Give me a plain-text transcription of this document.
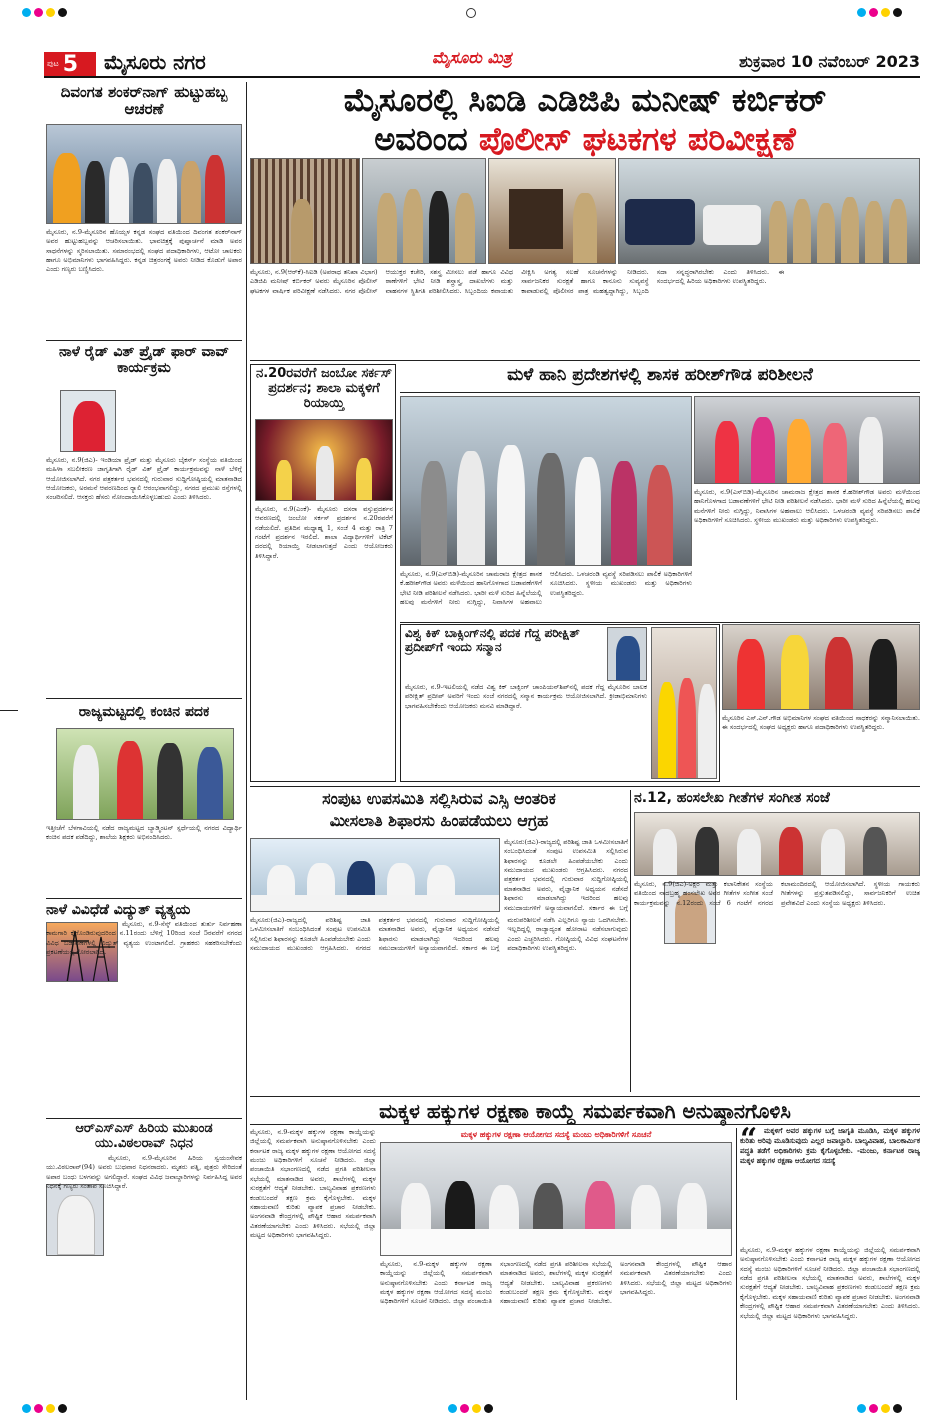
ಪುಟ 5 ಮೈಸೂರು ನಗರ	ಮೈಸೂರು ಮಿತ್ರ	ಶುಕ್ರವಾರ 10 ನವೆಂಬರ್ 2023
ದಿವಂಗತ ಶಂಕರ್‌ನಾಗ್ ಹುಟ್ಟುಹಬ್ಬ ಆಚರಣೆ
ಮೈಸೂರು, ನ.9-ಮೈಸೂರಿನ ಹೊಯ್ಸಳ ಕನ್ನಡ ಸಂಘದ ವತಿಯಿಂದ ದಿವಂಗತ ಶಂಕರ್‌ನಾಗ್ ಅವರ ಹುಟ್ಟುಹಬ್ಬವನ್ನು ಆಚರಿಸಲಾಯಿತು. ಭಾವಚಿತ್ರಕ್ಕೆ ಪುಷ್ಪಾರ್ಚನೆ ಮಾಡಿ ಅವರ ಸಾಧನೆಗಳನ್ನು ಸ್ಮರಿಸಲಾಯಿತು. ಸಮಾರಂಭದಲ್ಲಿ ಸಂಘದ ಪದಾಧಿಕಾರಿಗಳು, ಆಟೋ ಚಾಲಕರು ಹಾಗೂ ಅಭಿಮಾನಿಗಳು ಭಾಗವಹಿಸಿದ್ದರು. ಕನ್ನಡ ಚಿತ್ರರಂಗಕ್ಕೆ ಅವರು ನೀಡಿದ ಕೊಡುಗೆ ಅಪಾರ ಎಂದು ಗಣ್ಯರು ಬಣ್ಣಿಸಿದರು.
ನಾಳೆ ರೈಡ್ ವಿತ್ ಪ್ರೈಡ್ ಫಾರ್ ವಾವ್ ಕಾರ್ಯಕ್ರಮ
ಮೈಸೂರು, ನ.9(ಜಿಎ)- ಇಂಡಿಯಾ ಪ್ರೈಡ್ ಮತ್ತು ಮೈಸೂರು ಬೈಕರ್ಸ್ ಸಂಸ್ಥೆಯ ವತಿಯಿಂದ ಮಹಿಳಾ ಸಬಲೀಕರಣ ಜಾಗೃತಿಗಾಗಿ ರೈಡ್ ವಿತ್ ಪ್ರೈಡ್ ಕಾರ್ಯಕ್ರಮವನ್ನು ನಾಳೆ ಬೆಳಿಗ್ಗೆ ಆಯೋಜಿಸಲಾಗಿದೆ. ನಗರ ಪತ್ರಕರ್ತರ ಭವನದಲ್ಲಿ ಗುರುವಾರ ಸುದ್ದಿಗೋಷ್ಠಿಯಲ್ಲಿ ಮಾತನಾಡಿದ ಆಯೋಜಕರು, ಅರಮನೆ ಆವರಣದಿಂದ ರ‍್ಯಾಲಿ ಆರಂಭವಾಗಲಿದ್ದು, ನಗರದ ಪ್ರಮುಖ ರಸ್ತೆಗಳಲ್ಲಿ ಸಂಚರಿಸಲಿದೆ. ಆಸಕ್ತರು ಹೆಸರು ನೋಂದಾಯಿಸಿಕೊಳ್ಳಬಹುದು ಎಂದು ತಿಳಿಸಿದರು.
ರಾಜ್ಯಮಟ್ಟದಲ್ಲಿ ಕಂಚಿನ ಪದಕ
ಇತ್ತೀಚೆಗೆ ಬೆಳಗಾವಿಯಲ್ಲಿ ನಡೆದ ರಾಜ್ಯಮಟ್ಟದ ಬ್ಯಾಡ್ಮಿಂಟನ್ ಸ್ಪರ್ಧೆಯಲ್ಲಿ ನಗರದ ವಿದ್ಯಾರ್ಥಿ ಕಂಚಿನ ಪದಕ ಪಡೆದಿದ್ದು, ಶಾಲೆಯ ಶಿಕ್ಷಕರು ಅಭಿನಂದಿಸಿದರು.
ನಾಳೆ ವಿವಿಧೆಡೆ ವಿದ್ಯುತ್ ವ್ಯತ್ಯಯ
ಮೈಸೂರು, ನ.9-ಸೆಸ್ಕ್ ವತಿಯಿಂದ ತುರ್ತು ನಿರ್ವಹಣಾ ಕಾಮಗಾರಿ ಕೈಗೊಂಡಿರುವುದರಿಂದ ನ.11ರಂದು ಬೆಳಿಗ್ಗೆ 10ರಿಂದ ಸಂಜೆ 5ರವರೆಗೆ ನಗರದ ವಿವಿಧ ಬಡಾವಣೆಗಳಲ್ಲಿ ವಿದ್ಯುತ್ ವ್ಯತ್ಯಯ ಉಂಟಾಗಲಿದೆ. ಗ್ರಾಹಕರು ಸಹಕರಿಸಬೇಕೆಂದು ಪ್ರಕಟಣೆಯಲ್ಲಿ ಕೋರಲಾಗಿದೆ.
ಆರ್‌ಎಸ್‌ಎಸ್ ಹಿರಿಯ ಮುಖಂಡ ಯು.ವಿಠಲರಾವ್ ನಿಧನ
ಮೈಸೂರು, ನ.9-ಮೈಸೂರಿನ ಹಿರಿಯ ಸ್ವಯಂಸೇವಕ ಯು.ವಿಠಲರಾವ್(94) ಅವರು ಬುಧವಾರ ನಿಧನರಾದರು. ಮೃತರು ಪತ್ನಿ, ಪುತ್ರರು ಸೇರಿದಂತೆ ಅಪಾರ ಬಂಧು ಬಳಗವನ್ನು ಅಗಲಿದ್ದಾರೆ. ಸಂಘದ ವಿವಿಧ ಜವಾಬ್ದಾರಿಗಳನ್ನು ನಿರ್ವಹಿಸಿದ್ದ ಅವರ ನಿಧನಕ್ಕೆ ಗಣ್ಯರು ಸಂತಾಪ ಸೂಚಿಸಿದ್ದಾರೆ.
ಮೈಸೂರಲ್ಲಿ ಸಿಐಡಿ ಎಡಿಜಿಪಿ ಮನೀಷ್ ಕರ್ಬಿಕರ್
ಅವರಿಂದ ಪೊಲೀಸ್ ಘಟಕಗಳ ಪರಿವೀಕ್ಷಣೆ
ಮೈಸೂರು, ನ.9(ಆರ್‌ಕೆ)-ಸಿಐಡಿ (ಅಪರಾಧ ತನಿಖಾ ವಿಭಾಗ) ಎಡಿಜಿಪಿ ಮನೀಷ್ ಕರ್ಬಿಕರ್ ಅವರು ಮೈಸೂರಿನ ಪೊಲೀಸ್ ಘಟಕಗಳ ವಾರ್ಷಿಕ ಪರಿವೀಕ್ಷಣೆ ನಡೆಸಿದರು. ನಗರ ಪೊಲೀಸ್ ಆಯುಕ್ತರ ಕಚೇರಿ, ಸಶಸ್ತ್ರ ಮೀಸಲು ಪಡೆ ಹಾಗೂ ವಿವಿಧ ಠಾಣೆಗಳಿಗೆ ಭೇಟಿ ನೀಡಿ ಶಸ್ತ್ರಾಸ್ತ್ರ, ದಾಖಲೆಗಳು ಮತ್ತು ವಾಹನಗಳ ಸ್ಥಿತಿಗತಿ ಪರಿಶೀಲಿಸಿದರು. ಸಿಬ್ಬಂದಿಯ ಕವಾಯತು ವೀಕ್ಷಿಸಿ ಅಗತ್ಯ ಸಲಹೆ ಸೂಚನೆಗಳನ್ನು ನೀಡಿದರು. ಸಾರ್ವಜನಿಕರ ಸುರಕ್ಷತೆ ಹಾಗೂ ಕಾನೂನು ಸುವ್ಯವಸ್ಥೆ ಕಾಪಾಡುವಲ್ಲಿ ಪೊಲೀಸರ ಪಾತ್ರ ಮಹತ್ವದ್ದಾಗಿದ್ದು, ಸಿಬ್ಬಂದಿ ಸದಾ ಸನ್ನದ್ಧರಾಗಿರಬೇಕು ಎಂದು ತಿಳಿಸಿದರು. ಈ ಸಂದರ್ಭದಲ್ಲಿ ಹಿರಿಯ ಅಧಿಕಾರಿಗಳು ಉಪಸ್ಥಿತರಿದ್ದರು.
ನ.20ರವರೆಗೆ ಜಂಬೋ ಸರ್ಕಸ್ ಪ್ರದರ್ಶನ; ಶಾಲಾ ಮಕ್ಕಳಿಗೆ ರಿಯಾಯ್ತಿ
ಮೈಸೂರು, ನ.9(ಎಂಕೆ)- ಮೈಸೂರು ದಸರಾ ವಸ್ತುಪ್ರದರ್ಶನ ಆವರಣದಲ್ಲಿ ಜಂಬೋ ಸರ್ಕಸ್ ಪ್ರದರ್ಶನ ನ.20ರವರೆಗೆ ನಡೆಯಲಿದೆ. ಪ್ರತಿದಿನ ಮಧ್ಯಾಹ್ನ 1, ಸಂಜೆ 4 ಮತ್ತು ರಾತ್ರಿ 7 ಗಂಟೆಗೆ ಪ್ರದರ್ಶನ ಇರಲಿದೆ. ಶಾಲಾ ವಿದ್ಯಾರ್ಥಿಗಳಿಗೆ ಟಿಕೆಟ್ ದರದಲ್ಲಿ ರಿಯಾಯ್ತಿ ನೀಡಲಾಗುತ್ತದೆ ಎಂದು ಆಯೋಜಕರು ತಿಳಿಸಿದ್ದಾರೆ.
ಮಳೆ ಹಾನಿ ಪ್ರದೇಶಗಳಲ್ಲಿ ಶಾಸಕ ಹರೀಶ್‌ಗೌಡ ಪರಿಶೀಲನೆ
ಮೈಸೂರು, ನ.9(ಎಸ್‌ಬಿಡಿ)-ಮೈಸೂರಿನ ಚಾಮರಾಜ ಕ್ಷೇತ್ರದ ಶಾಸಕ ಕೆ.ಹರೀಶ್‌ಗೌಡ ಅವರು ಮಳೆಯಿಂದ ಹಾನಿಗೊಳಗಾದ ಬಡಾವಣೆಗಳಿಗೆ ಭೇಟಿ ನೀಡಿ ಪರಿಶೀಲನೆ ನಡೆಸಿದರು. ಭಾರೀ ಮಳೆ ಸುರಿದ ಹಿನ್ನೆಲೆಯಲ್ಲಿ ಹಲವು ಮನೆಗಳಿಗೆ ನೀರು ನುಗ್ಗಿದ್ದು, ನಿವಾಸಿಗಳ ಅಹವಾಲು ಆಲಿಸಿದರು. ಒಳಚರಂಡಿ ವ್ಯವಸ್ಥೆ ಸರಿಪಡಿಸಲು ಪಾಲಿಕೆ ಅಧಿಕಾರಿಗಳಿಗೆ ಸೂಚಿಸಿದರು. ಸ್ಥಳೀಯ ಮುಖಂಡರು ಮತ್ತು ಅಧಿಕಾರಿಗಳು ಉಪಸ್ಥಿತರಿದ್ದರು.
ಮೈಸೂರು, ನ.9(ಎಸ್‌ಬಿಡಿ)-ಮೈಸೂರಿನ ಚಾಮರಾಜ ಕ್ಷೇತ್ರದ ಶಾಸಕ ಕೆ.ಹರೀಶ್‌ಗೌಡ ಅವರು ಮಳೆಯಿಂದ ಹಾನಿಗೊಳಗಾದ ಬಡಾವಣೆಗಳಿಗೆ ಭೇಟಿ ನೀಡಿ ಪರಿಶೀಲನೆ ನಡೆಸಿದರು. ಭಾರೀ ಮಳೆ ಸುರಿದ ಹಿನ್ನೆಲೆಯಲ್ಲಿ ಹಲವು ಮನೆಗಳಿಗೆ ನೀರು ನುಗ್ಗಿದ್ದು, ನಿವಾಸಿಗಳ ಅಹವಾಲು ಆಲಿಸಿದರು. ಒಳಚರಂಡಿ ವ್ಯವಸ್ಥೆ ಸರಿಪಡಿಸಲು ಪಾಲಿಕೆ ಅಧಿಕಾರಿಗಳಿಗೆ ಸೂಚಿಸಿದರು. ಸ್ಥಳೀಯ ಮುಖಂಡರು ಮತ್ತು ಅಧಿಕಾರಿಗಳು ಉಪಸ್ಥಿತರಿದ್ದರು.
ವಿಶ್ವ ಕಿಕ್ ಬಾಕ್ಸಿಂಗ್‌ನಲ್ಲಿ ಪದಕ ಗೆದ್ದ ಪರೀಕ್ಷಿತ್ ಪ್ರದೀಪ್‌ಗೆ ಇಂದು ಸನ್ಮಾನ
ಮೈಸೂರು, ನ.9-ಇಟಲಿಯಲ್ಲಿ ನಡೆದ ವಿಶ್ವ ಕಿಕ್ ಬಾಕ್ಸಿಂಗ್ ಚಾಂಪಿಯನ್‌ಶಿಪ್‌ನಲ್ಲಿ ಪದಕ ಗೆದ್ದ ಮೈಸೂರಿನ ಬಾಲಕ ಪರೀಕ್ಷಿತ್ ಪ್ರದೀಪ್ ಅವರಿಗೆ ಇಂದು ಸಂಜೆ ನಗರದಲ್ಲಿ ಸನ್ಮಾನ ಕಾರ್ಯಕ್ರಮ ಆಯೋಜಿಸಲಾಗಿದೆ. ಕ್ರೀಡಾಭಿಮಾನಿಗಳು ಭಾಗವಹಿಸಬೇಕೆಂದು ಆಯೋಜಕರು ಮನವಿ ಮಾಡಿದ್ದಾರೆ.
ಮೈಸೂರಿನ ಎಸ್.ಎನ್.ಗೌಡ ಅಭಿಮಾನಿಗಳ ಸಂಘದ ವತಿಯಿಂದ ಸಾಧಕರನ್ನು ಸನ್ಮಾನಿಸಲಾಯಿತು. ಈ ಸಂದರ್ಭದಲ್ಲಿ ಸಂಘದ ಅಧ್ಯಕ್ಷರು ಹಾಗೂ ಪದಾಧಿಕಾರಿಗಳು ಉಪಸ್ಥಿತರಿದ್ದರು.
ಸಂಪುಟ ಉಪಸಮಿತಿ ಸಲ್ಲಿಸಿರುವ ಎಸ್ಸಿ ಆಂತರಿಕ
ಮೀಸಲಾತಿ ಶಿಫಾರಸು ಹಿಂಪಡೆಯಲು ಆಗ್ರಹ
ಮೈಸೂರು(ಜಿಎ)-ರಾಜ್ಯದಲ್ಲಿ ಪರಿಶಿಷ್ಟ ಜಾತಿ ಒಳಮೀಸಲಾತಿಗೆ ಸಂಬಂಧಿಸಿದಂತೆ ಸಂಪುಟ ಉಪಸಮಿತಿ ಸಲ್ಲಿಸಿರುವ ಶಿಫಾರಸನ್ನು ಕೂಡಲೇ ಹಿಂಪಡೆಯಬೇಕು ಎಂದು ಸಮುದಾಯದ ಮುಖಂಡರು ಆಗ್ರಹಿಸಿದರು. ನಗರದ ಪತ್ರಕರ್ತರ ಭವನದಲ್ಲಿ ಗುರುವಾರ ಸುದ್ದಿಗೋಷ್ಠಿಯಲ್ಲಿ ಮಾತನಾಡಿದ ಅವರು, ವೈಜ್ಞಾನಿಕ ಅಧ್ಯಯನ ನಡೆಸದೆ ಶಿಫಾರಸು ಮಾಡಲಾಗಿದ್ದು ಇದರಿಂದ ಹಲವು ಸಮುದಾಯಗಳಿಗೆ ಅನ್ಯಾಯವಾಗಲಿದೆ. ಸರ್ಕಾರ ಈ ಬಗ್ಗೆ ಮರುಪರಿಶೀಲನೆ ನಡೆಸಿ ಎಲ್ಲರಿಗೂ ನ್ಯಾಯ ಒದಗಿಸಬೇಕು. ಇಲ್ಲದಿದ್ದಲ್ಲಿ ರಾಜ್ಯಾದ್ಯಂತ ಹೋರಾಟ ನಡೆಸಲಾಗುವುದು ಎಂದು ಎಚ್ಚರಿಸಿದರು. ಗೋಷ್ಠಿಯಲ್ಲಿ ವಿವಿಧ ಸಂಘಟನೆಗಳ ಪದಾಧಿಕಾರಿಗಳು ಉಪಸ್ಥಿತರಿದ್ದರು.
ಮೈಸೂರು(ಜಿಎ)-ರಾಜ್ಯದಲ್ಲಿ ಪರಿಶಿಷ್ಟ ಜಾತಿ ಒಳಮೀಸಲಾತಿಗೆ ಸಂಬಂಧಿಸಿದಂತೆ ಸಂಪುಟ ಉಪಸಮಿತಿ ಸಲ್ಲಿಸಿರುವ ಶಿಫಾರಸನ್ನು ಕೂಡಲೇ ಹಿಂಪಡೆಯಬೇಕು ಎಂದು ಸಮುದಾಯದ ಮುಖಂಡರು ಆಗ್ರಹಿಸಿದರು. ನಗರದ ಪತ್ರಕರ್ತರ ಭವನದಲ್ಲಿ ಗುರುವಾರ ಸುದ್ದಿಗೋಷ್ಠಿಯಲ್ಲಿ ಮಾತನಾಡಿದ ಅವರು, ವೈಜ್ಞಾನಿಕ ಅಧ್ಯಯನ ನಡೆಸದೆ ಶಿಫಾರಸು ಮಾಡಲಾಗಿದ್ದು ಇದರಿಂದ ಹಲವು ಸಮುದಾಯಗಳಿಗೆ ಅನ್ಯಾಯವಾಗಲಿದೆ. ಸರ್ಕಾರ ಈ ಬಗ್ಗೆ
ನ.12, ಹಂಸಲೇಖ ಗೀತೆಗಳ ಸಂಗೀತ ಸಂಜೆ
ಮೈಸೂರು, ನ.9(ಜಿಎ)-ಅಕ್ಷರ ಮತ್ತು ಕಲಾನಿಕೇತನ ಸಂಸ್ಥೆಯ ವತಿಯಿಂದ ನಾದಬ್ರಹ್ಮ ಹಂಸಲೇಖ ಅವರ ಗೀತೆಗಳ ಸಂಗೀತ ಸಂಜೆ ಕಾರ್ಯಕ್ರಮವನ್ನು ನ.12ರಂದು ಸಂಜೆ 6 ಗಂಟೆಗೆ ನಗರದ ಕಲಾಮಂದಿರದಲ್ಲಿ ಆಯೋಜಿಸಲಾಗಿದೆ. ಸ್ಥಳೀಯ ಗಾಯಕರು ಗೀತೆಗಳನ್ನು ಪ್ರಸ್ತುತಪಡಿಸಲಿದ್ದು, ಸಾರ್ವಜನಿಕರಿಗೆ ಉಚಿತ ಪ್ರವೇಶವಿದೆ ಎಂದು ಸಂಸ್ಥೆಯ ಅಧ್ಯಕ್ಷರು ತಿಳಿಸಿದರು.
ಮಕ್ಕಳ ಹಕ್ಕುಗಳ ರಕ್ಷಣಾ ಕಾಯ್ದೆ ಸಮರ್ಪಕವಾಗಿ ಅನುಷ್ಠಾನಗೊಳಿಸಿ
ಮೈಸೂರು, ನ.9-ಮಕ್ಕಳ ಹಕ್ಕುಗಳ ರಕ್ಷಣಾ ಕಾಯ್ದೆಯನ್ನು ಜಿಲ್ಲೆಯಲ್ಲಿ ಸಮರ್ಪಕವಾಗಿ ಅನುಷ್ಠಾನಗೊಳಿಸಬೇಕು ಎಂದು ಕರ್ನಾಟಕ ರಾಜ್ಯ ಮಕ್ಕಳ ಹಕ್ಕುಗಳ ರಕ್ಷಣಾ ಆಯೋಗದ ಸದಸ್ಯೆ ಮಂಜು ಅಧಿಕಾರಿಗಳಿಗೆ ಸೂಚನೆ ನೀಡಿದರು. ಜಿಲ್ಲಾ ಪಂಚಾಯಿತಿ ಸಭಾಂಗಣದಲ್ಲಿ ನಡೆದ ಪ್ರಗತಿ ಪರಿಶೀಲನಾ ಸಭೆಯಲ್ಲಿ ಮಾತನಾಡಿದ ಅವರು, ಶಾಲೆಗಳಲ್ಲಿ ಮಕ್ಕಳ ಸುರಕ್ಷತೆಗೆ ಆದ್ಯತೆ ನೀಡಬೇಕು. ಬಾಲ್ಯವಿವಾಹ ಪ್ರಕರಣಗಳು ಕಂಡುಬಂದರೆ ತಕ್ಷಣ ಕ್ರಮ ಕೈಗೊಳ್ಳಬೇಕು. ಮಕ್ಕಳ ಸಹಾಯವಾಣಿ ಕುರಿತು ವ್ಯಾಪಕ ಪ್ರಚಾರ ನೀಡಬೇಕು. ಅಂಗನವಾಡಿ ಕೇಂದ್ರಗಳಲ್ಲಿ ಪೌಷ್ಟಿಕ ಆಹಾರ ಸಮರ್ಪಕವಾಗಿ ವಿತರಣೆಯಾಗಬೇಕು ಎಂದು ತಿಳಿಸಿದರು. ಸಭೆಯಲ್ಲಿ ಜಿಲ್ಲಾ ಮಟ್ಟದ ಅಧಿಕಾರಿಗಳು ಭಾಗವಹಿಸಿದ್ದರು.
ಮಕ್ಕಳ ಹಕ್ಕುಗಳ ರಕ್ಷಣಾ ಆಯೋಗದ ಸದಸ್ಯೆ ಮಂಜು ಅಧಿಕಾರಿಗಳಿಗೆ ಸೂಚನೆ
ಮೈಸೂರು, ನ.9-ಮಕ್ಕಳ ಹಕ್ಕುಗಳ ರಕ್ಷಣಾ ಕಾಯ್ದೆಯನ್ನು ಜಿಲ್ಲೆಯಲ್ಲಿ ಸಮರ್ಪಕವಾಗಿ ಅನುಷ್ಠಾನಗೊಳಿಸಬೇಕು ಎಂದು ಕರ್ನಾಟಕ ರಾಜ್ಯ ಮಕ್ಕಳ ಹಕ್ಕುಗಳ ರಕ್ಷಣಾ ಆಯೋಗದ ಸದಸ್ಯೆ ಮಂಜು ಅಧಿಕಾರಿಗಳಿಗೆ ಸೂಚನೆ ನೀಡಿದರು. ಜಿಲ್ಲಾ ಪಂಚಾಯಿತಿ ಸಭಾಂಗಣದಲ್ಲಿ ನಡೆದ ಪ್ರಗತಿ ಪರಿಶೀಲನಾ ಸಭೆಯಲ್ಲಿ ಮಾತನಾಡಿದ ಅವರು, ಶಾಲೆಗಳಲ್ಲಿ ಮಕ್ಕಳ ಸುರಕ್ಷತೆಗೆ ಆದ್ಯತೆ ನೀಡಬೇಕು. ಬಾಲ್ಯವಿವಾಹ ಪ್ರಕರಣಗಳು ಕಂಡುಬಂದರೆ ತಕ್ಷಣ ಕ್ರಮ ಕೈಗೊಳ್ಳಬೇಕು. ಮಕ್ಕಳ ಸಹಾಯವಾಣಿ ಕುರಿತು ವ್ಯಾಪಕ ಪ್ರಚಾರ ನೀಡಬೇಕು. ಅಂಗನವಾಡಿ ಕೇಂದ್ರಗಳಲ್ಲಿ ಪೌಷ್ಟಿಕ ಆಹಾರ ಸಮರ್ಪಕವಾಗಿ ವಿತರಣೆಯಾಗಬೇಕು ಎಂದು ತಿಳಿಸಿದರು. ಸಭೆಯಲ್ಲಿ ಜಿಲ್ಲಾ ಮಟ್ಟದ ಅಧಿಕಾರಿಗಳು ಭಾಗವಹಿಸಿದ್ದರು.
“ ಮಕ್ಕಳಿಗೆ ಅವರ ಹಕ್ಕುಗಳ ಬಗ್ಗೆ ಜಾಗೃತಿ ಮೂಡಿಸಿ, ಮಕ್ಕಳ ಹಕ್ಕುಗಳ ಕುರಿತು ಅರಿವು ಮೂಡಿಸುವುದು ಎಲ್ಲರ ಜವಾಬ್ದಾರಿ. ಬಾಲ್ಯವಿವಾಹ, ಬಾಲಕಾರ್ಮಿಕ ಪದ್ಧತಿ ತಡೆಗೆ ಅಧಿಕಾರಿಗಳು ಕ್ರಮ ಕೈಗೊಳ್ಳಬೇಕು. -ಮಂಜು, ಕರ್ನಾಟಕ ರಾಜ್ಯ ಮಕ್ಕಳ ಹಕ್ಕುಗಳ ರಕ್ಷಣಾ ಆಯೋಗದ ಸದಸ್ಯೆ
ಮೈಸೂರು, ನ.9-ಮಕ್ಕಳ ಹಕ್ಕುಗಳ ರಕ್ಷಣಾ ಕಾಯ್ದೆಯನ್ನು ಜಿಲ್ಲೆಯಲ್ಲಿ ಸಮರ್ಪಕವಾಗಿ ಅನುಷ್ಠಾನಗೊಳಿಸಬೇಕು ಎಂದು ಕರ್ನಾಟಕ ರಾಜ್ಯ ಮಕ್ಕಳ ಹಕ್ಕುಗಳ ರಕ್ಷಣಾ ಆಯೋಗದ ಸದಸ್ಯೆ ಮಂಜು ಅಧಿಕಾರಿಗಳಿಗೆ ಸೂಚನೆ ನೀಡಿದರು. ಜಿಲ್ಲಾ ಪಂಚಾಯಿತಿ ಸಭಾಂಗಣದಲ್ಲಿ ನಡೆದ ಪ್ರಗತಿ ಪರಿಶೀಲನಾ ಸಭೆಯಲ್ಲಿ ಮಾತನಾಡಿದ ಅವರು, ಶಾಲೆಗಳಲ್ಲಿ ಮಕ್ಕಳ ಸುರಕ್ಷತೆಗೆ ಆದ್ಯತೆ ನೀಡಬೇಕು. ಬಾಲ್ಯವಿವಾಹ ಪ್ರಕರಣಗಳು ಕಂಡುಬಂದರೆ ತಕ್ಷಣ ಕ್ರಮ ಕೈಗೊಳ್ಳಬೇಕು. ಮಕ್ಕಳ ಸಹಾಯವಾಣಿ ಕುರಿತು ವ್ಯಾಪಕ ಪ್ರಚಾರ ನೀಡಬೇಕು. ಅಂಗನವಾಡಿ ಕೇಂದ್ರಗಳಲ್ಲಿ ಪೌಷ್ಟಿಕ ಆಹಾರ ಸಮರ್ಪಕವಾಗಿ ವಿತರಣೆಯಾಗಬೇಕು ಎಂದು ತಿಳಿಸಿದರು. ಸಭೆಯಲ್ಲಿ ಜಿಲ್ಲಾ ಮಟ್ಟದ ಅಧಿಕಾರಿಗಳು ಭಾಗವಹಿಸಿದ್ದರು.
